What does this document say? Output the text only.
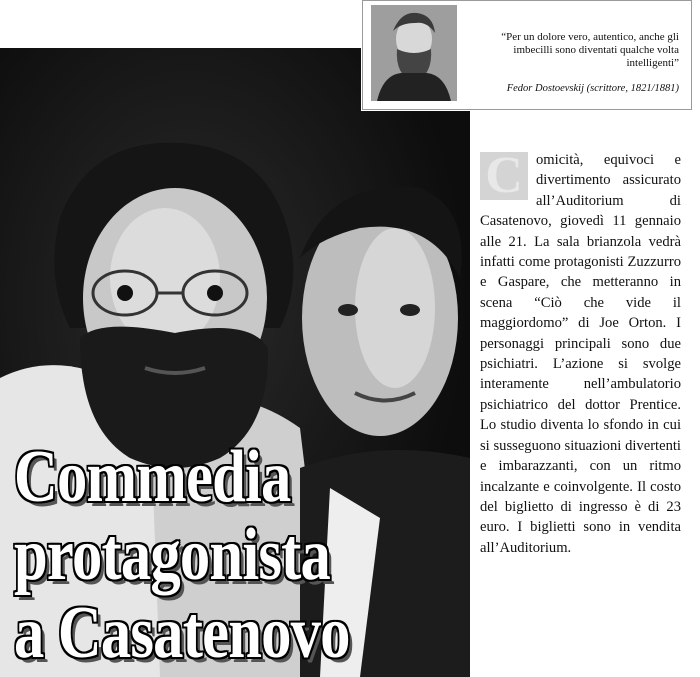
“Per un dolore vero, autentico, anche gli imbecilli sono diventati qualche volta intelligenti”
Fedor Dostoevskij (scrittore, 1821/1881)
C omicità, equivoci e divertimento assicurato all’Auditorium di Casatenovo, giovedì 11 gennaio alle 21. La sala brianzola vedrà infatti come protagonisti Zuzzurro e Gaspare, che metteranno in scena “Ciò che vide il maggiordomo” di Joe Orton. I personaggi principali sono due psichiatri. L’azione si svolge interamente nell’ambulatorio psichiatrico del dottor Prentice. Lo studio diventa lo sfondo in cui si susseguono situazioni divertenti e imbarazzanti, con un ritmo incalzante e coinvolgente. Il costo del biglietto di ingresso è di 23 euro. I biglietti sono in vendita all’Auditorium.
Commedia
protagonista
a Casatenovo
